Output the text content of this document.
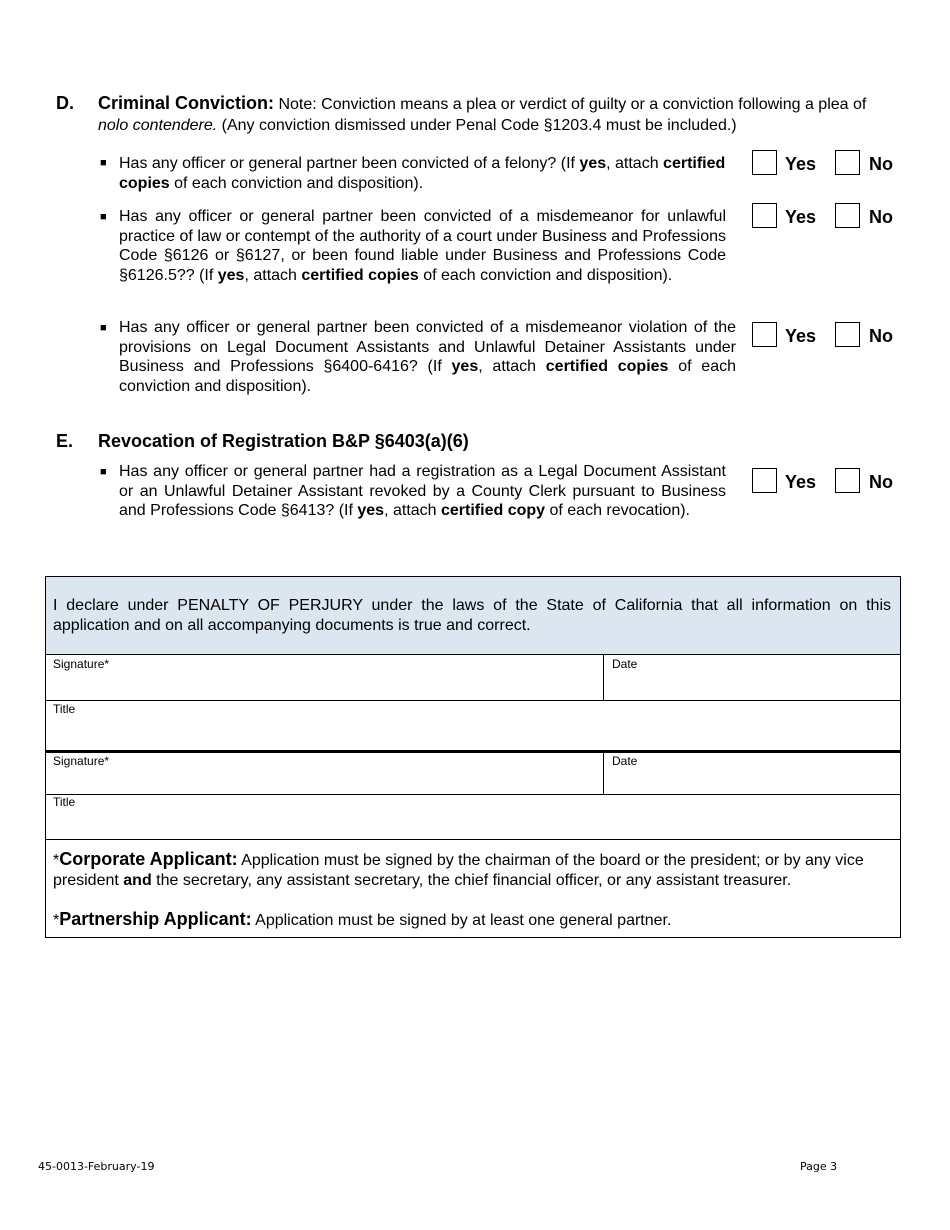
D. Criminal Conviction: Note: Conviction means a plea or verdict of guilty or a conviction following a plea of nolo contendere. (Any conviction dismissed under Penal Code §1203.4 must be included.)
■ Has any officer or general partner been convicted of a felony? (If yes, attach certified copies of each conviction and disposition).
Yes	No
■ Has any officer or general partner been convicted of a misdemeanor for unlawful practice of law or contempt of the authority of a court under Business and Professions Code §6126 or §6127, or been found liable under Business and Professions Code §6126.5?? (If yes, attach certified copies of each conviction and disposition).
Yes	No
■ Has any officer or general partner been convicted of a misdemeanor violation of the provisions on Legal Document Assistants and Unlawful Detainer Assistants under Business and Professions §6400-6416? (If yes, attach certified copies of each conviction and disposition).
Yes	No
E. Revocation of Registration B&P §6403(a)(6)
■ Has any officer or general partner had a registration as a Legal Document Assistant or an Unlawful Detainer Assistant revoked by a County Clerk pursuant to Business and Professions Code §6413? (If yes, attach certified copy of each revocation).
Yes	No
I declare under PENALTY OF PERJURY under the laws of the State of California that all information on this application and on all accompanying documents is true and correct.
Signature*	Date
Title
Signature*	Date
Title
*Corporate Applicant: Application must be signed by the chairman of the board or the president; or by any vice president and the secretary, any assistant secretary, the chief financial officer, or any assistant treasurer.
*Partnership Applicant: Application must be signed by at least one general partner.
45-0013-February-19	Page 3
